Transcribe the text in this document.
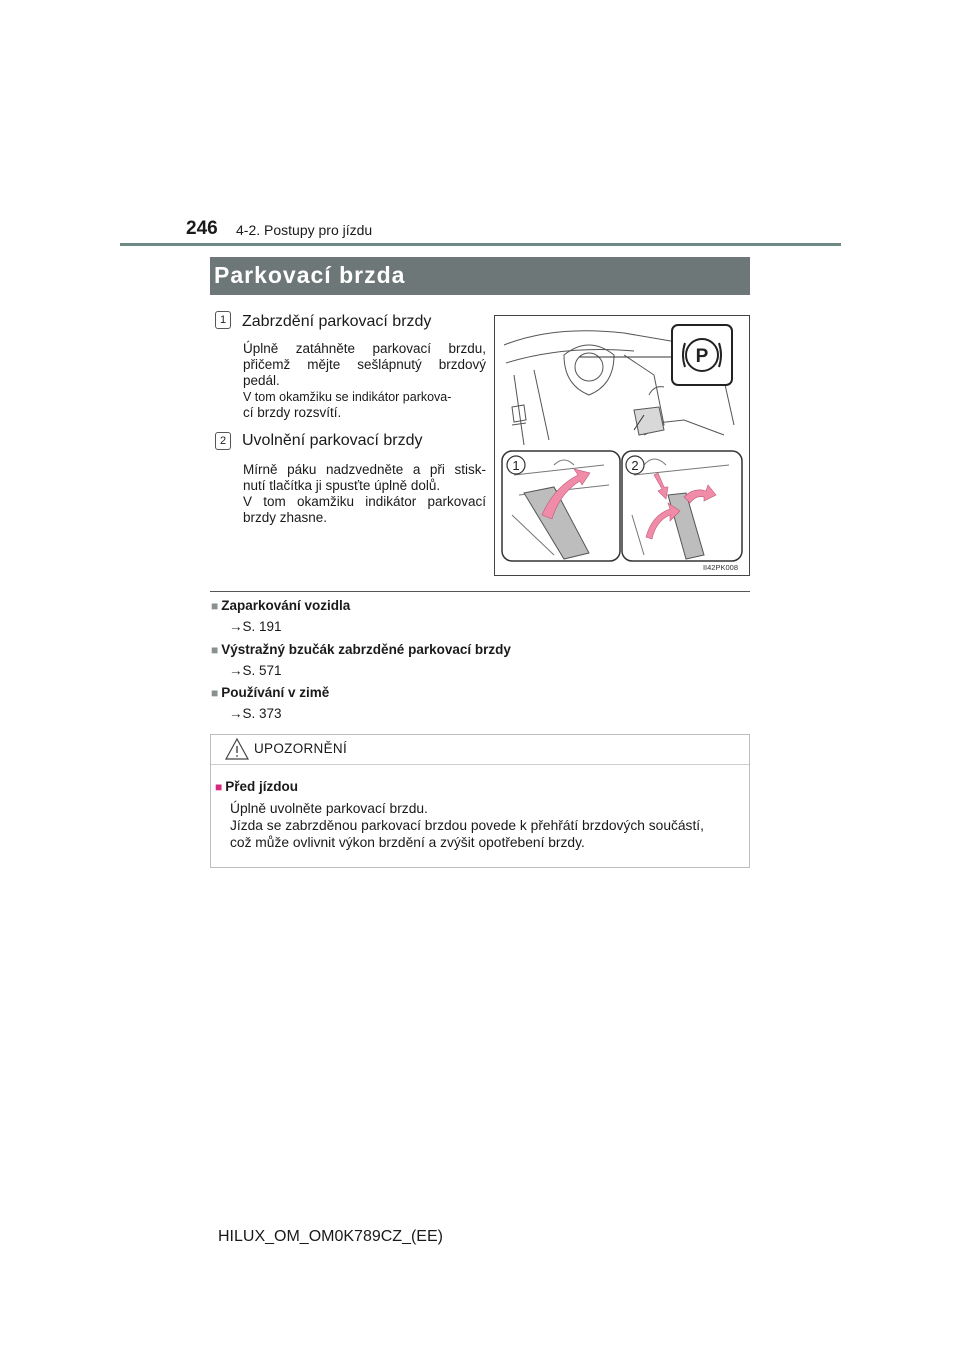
246 4-2. Postupy pro jízdu
Parkovací brzda
1 Zabrzdění parkovací brzdy
Úplně zatáhněte parkovací brzdu,
přičemž mějte sešlápnutý brzdový
pedál.
V tom okamžiku se indikátor parkova-
cí brzdy rozsvítí.
2 Uvolnění parkovací brzdy
Mírně páku nadzvedněte a při stisk-
nutí tlačítka ji spusťte úplně dolů.
V tom okamžiku indikátor parkovací
brzdy zhasne.
P
1	2
II42PK008
■ Zaparkování vozidla
→S. 191
■ Výstražný bzučák zabrzděné parkovací brzdy
→S. 571
■ Používání v zimě
→S. 373
UPOZORNĚNÍ
■ Před jízdou
Úplně uvolněte parkovací brzdu.
Jízda se zabrzděnou parkovací brzdou povede k přehřátí brzdových součástí,
což může ovlivnit výkon brzdění a zvýšit opotřebení brzdy.
HILUX_OM_OM0K789CZ_(EE)
